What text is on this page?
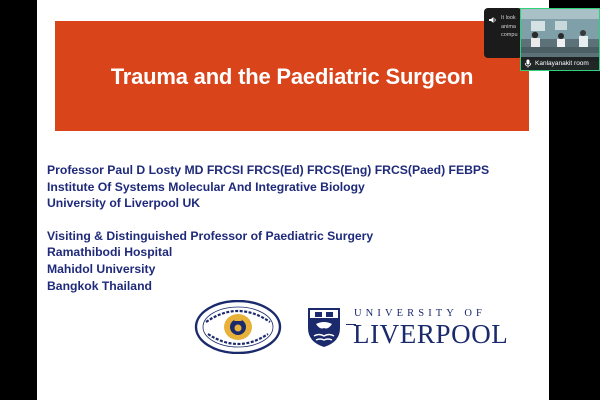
Trauma and the Paediatric Surgeon
Professor Paul D Losty MD FRCSI FRCS(Ed) FRCS(Eng) FRCS(Paed) FEBPS
Institute Of Systems Molecular And Integrative Biology
University of Liverpool UK
Visiting & Distinguished Professor of Paediatric Surgery
Ramathibodi Hospital
Mahidol University
Bangkok Thailand
UNIVERSITY OF
LIVERPOOL
It look
anima
compu
Kanlayanakit room
